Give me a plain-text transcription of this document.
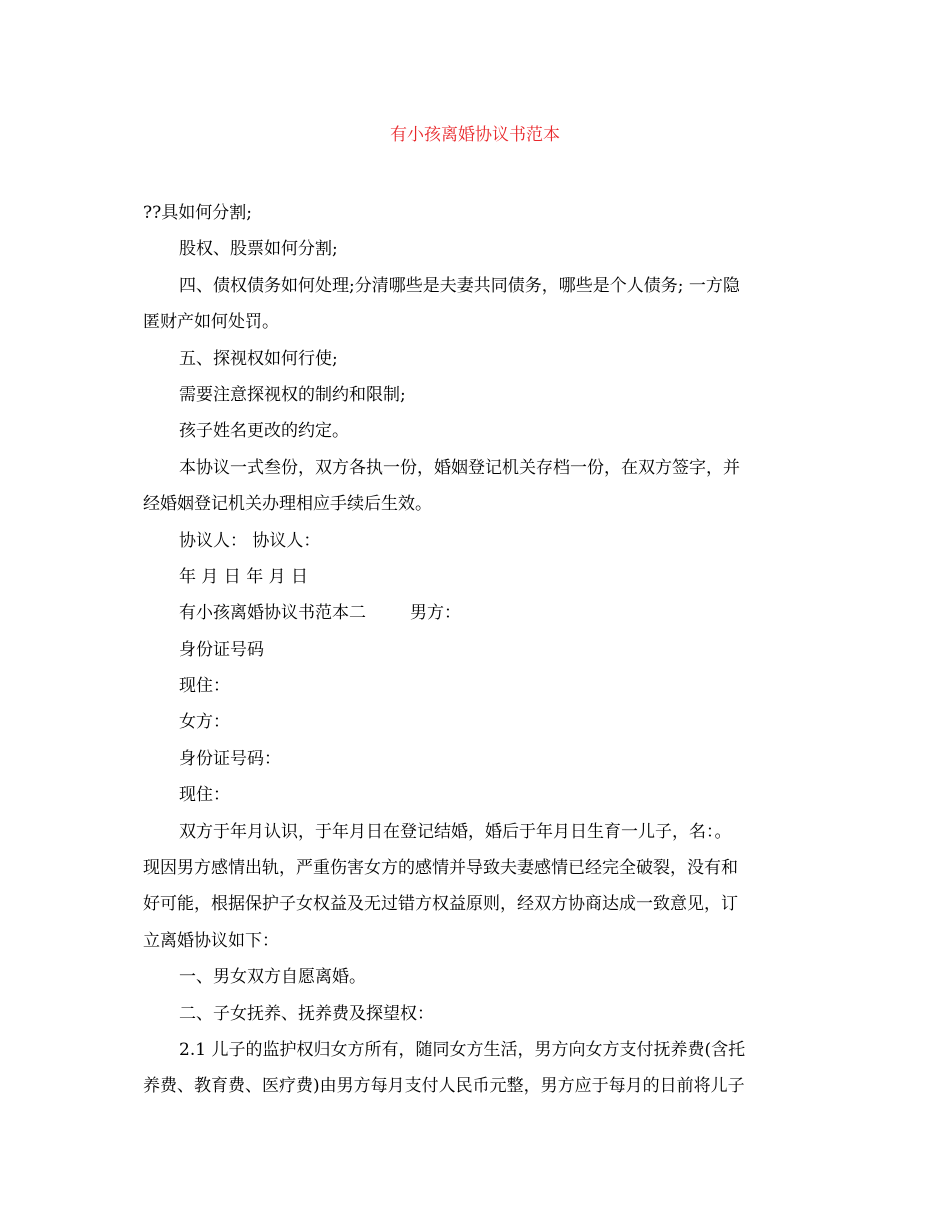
有小孩离婚协议书范本
??具如何分割;
股权、股票如何分割;
四、债权债务如何处理;分清哪些是夫妻共同债务，哪些是个人债务; 一方隐
匿财产如何处罚。
五、探视权如何行使;
需要注意探视权的制约和限制;
孩子姓名更改的约定。
本协议一式叁份，双方各执一份，婚姻登记机关存档一份，在双方签字，并
经婚姻登记机关办理相应手续后生效。
协议人： 协议人：
年 月 日 年 月 日
有小孩离婚协议书范本二	男方：
身份证号码
现住：
女方：
身份证号码：
现住：
双方于年月认识，于年月日在登记结婚，婚后于年月日生育一儿子，名：。
现因男方感情出轨，严重伤害女方的感情并导致夫妻感情已经完全破裂，没有和
好可能，根据保护子女权益及无过错方权益原则，经双方协商达成一致意见，订
立离婚协议如下：
一、男女双方自愿离婚。
二、子女抚养、抚养费及探望权：
2.1 儿子的监护权归女方所有，随同女方生活，男方向女方支付抚养费(含托
养费、教育费、医疗费)由男方每月支付人民币元整，男方应于每月的日前将儿子
